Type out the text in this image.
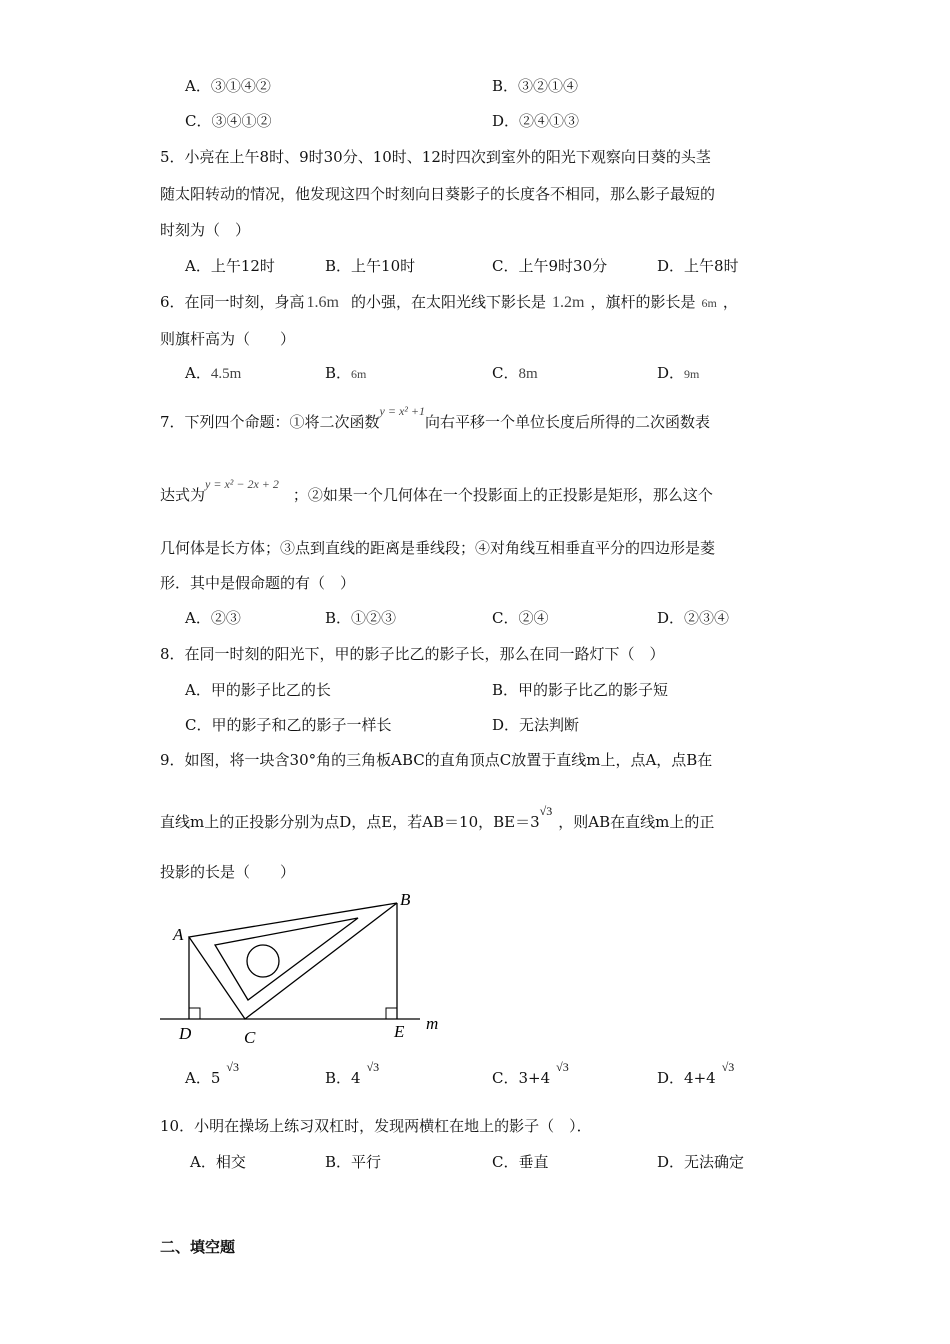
A．③①④②	B．③②①④
C．③④①②	D．②④①③
5．小亮在上午8时、9时30分、10时、12时四次到室外的阳光下观察向日葵的头茎
随太阳转动的情况，他发现这四个时刻向日葵影子的长度各不相同，那么影子最短的
时刻为（　）
A．上午12时	B．上午10时	C．上午9时30分	D．上午8时
6．在同一时刻，身高 1.6m 的小强，在太阳光线下影长是 1.2m ，旗杆的影长是 6m ，
则旗杆高为（　　）
A．4.5m	B．6m	C．8m	D．9m
7．下列四个命题：①将二次函数$^{y = x^2 +1}$向右平移一个单位长度后所得的二次函数表
达式为$^{y = x^2 - 2x + 2}$；②如果一个几何体在一个投影面上的正投影是矩形，那么这个
几何体是长方体；③点到直线的距离是垂线段；④对角线互相垂直平分的四边形是菱
形．其中是假命题的有（　）
A．②③	B．①②③	C．②④	D．②③④
8．在同一时刻的阳光下，甲的影子比乙的影子长，那么在同一路灯下（　）
A．甲的影子比乙的长	B．甲的影子比乙的影子短
C．甲的影子和乙的影子一样长	D．无法判断
9．如图，将一块含30°角的三角板ABC的直角顶点C放置于直线m上，点A，点B在
直线m上的正投影分别为点D，点E，若AB＝10，$BE=3^{√3}$，则AB在直线m上的正
投影的长是（　　）
A
B
C
D	E m
A．$5^{√3}$
B．$4^{√3}$
C．$3+4^{√3}$
D．$4+4^{√3}$
10．小明在操场上练习双杠时，发现两横杠在地上的影子（　）．
A．相交	B．平行	C．垂直	D．无法确定
二、填空题
